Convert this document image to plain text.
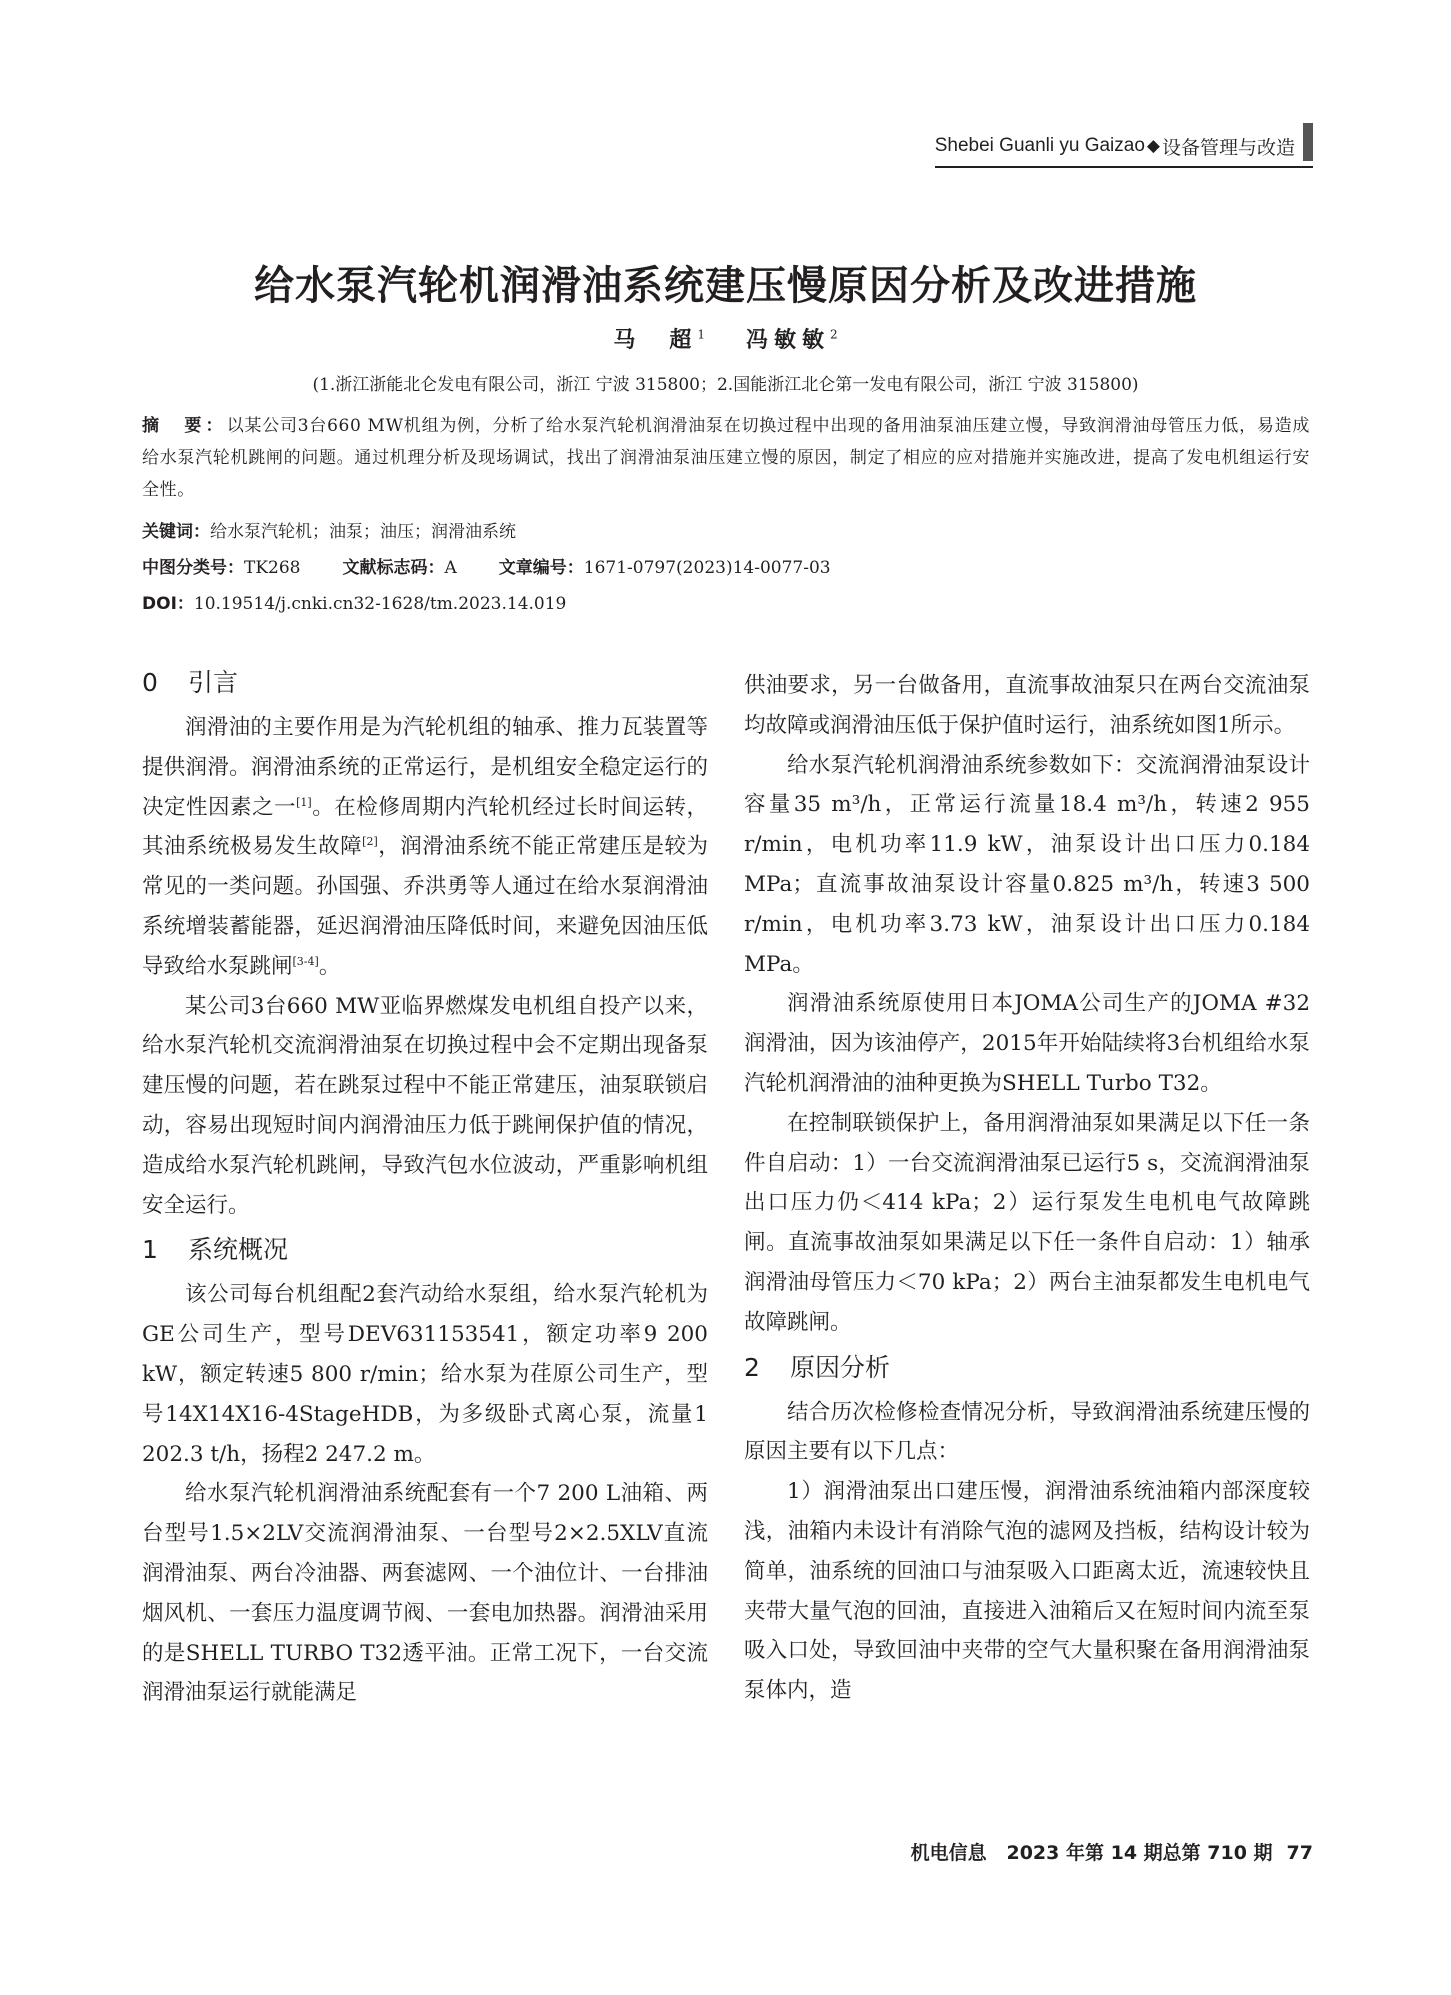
Shebei Guanli yu Gaizao ◆ 设备管理与改造
给水泵汽轮机润滑油系统建压慢原因分析及改进措施
马　超$^1$ 冯敏敏$^2$
(1.浙江浙能北仑发电有限公司，浙江 宁波 315800；2.国能浙江北仑第一发电有限公司，浙江 宁波 315800)
摘　要：以某公司3台660 MW机组为例，分析了给水泵汽轮机润滑油泵在切换过程中出现的备用油泵油压建立慢，导致润滑油母管压力低，易造成给水泵汽轮机跳闸的问题。通过机理分析及现场调试，找出了润滑油泵油压建立慢的原因，制定了相应的应对措施并实施改进，提高了发电机组运行安全性。
关键词：给水泵汽轮机；油泵；油压；润滑油系统
中图分类号：TK268 文献标志码：A 文章编号：1671-0797(2023)14-0077-03
DOI：10.19514/j.cnki.cn32-1628/tm.2023.14.019
0 引言

润滑油的主要作用是为汽轮机组的轴承、推力瓦装置等提供润滑。润滑油系统的正常运行，是机组安全稳定运行的决定性因素之一[1]。在检修周期内汽轮机经过长时间运转，其油系统极易发生故障[2]，润滑油系统不能正常建压是较为常见的一类问题。孙国强、乔洪勇等人通过在给水泵润滑油系统增装蓄能器，延迟润滑油压降低时间，来避免因油压低导致给水泵跳闸[3-4]。

某公司3台660 MW亚临界燃煤发电机组自投产以来，给水泵汽轮机交流润滑油泵在切换过程中会不定期出现备泵建压慢的问题，若在跳泵过程中不能正常建压，油泵联锁启动，容易出现短时间内润滑油压力低于跳闸保护值的情况，造成给水泵汽轮机跳闸，导致汽包水位波动，严重影响机组安全运行。

1 系统概况

该公司每台机组配2套汽动给水泵组，给水泵汽轮机为GE公司生产，型号DEV631153541，额定功率9 200 kW，额定转速5 800 r/min；给水泵为荏原公司生产，型号14X14X16-4StageHDB，为多级卧式离心泵，流量1 202.3 t/h，扬程2 247.2 m。

给水泵汽轮机润滑油系统配套有一个7 200 L油箱、两台型号1.5×2LV交流润滑油泵、一台型号2×2.5XLV直流润滑油泵、两台冷油器、两套滤网、一个油位计、一台排油烟风机、一套压力温度调节阀、一套电加热器。润滑油采用的是SHELL TURBO T32透平油。正常工况下，一台交流润滑油泵运行就能满足

供油要求，另一台做备用，直流事故油泵只在两台交流油泵均故障或润滑油压低于保护值时运行，油系统如图1所示。

给水泵汽轮机润滑油系统参数如下：交流润滑油泵设计容量35 m³/h，正常运行流量18.4 m³/h，转速2 955 r/min，电机功率11.9 kW，油泵设计出口压力0.184 MPa；直流事故油泵设计容量0.825 m³/h，转速3 500 r/min，电机功率3.73 kW，油泵设计出口压力0.184 MPa。

润滑油系统原使用日本JOMA公司生产的JOMA #32润滑油，因为该油停产，2015年开始陆续将3台机组给水泵汽轮机润滑油的油种更换为SHELL Turbo T32。

在控制联锁保护上，备用润滑油泵如果满足以下任一条件自启动：1）一台交流润滑油泵已运行5 s，交流润滑油泵出口压力仍＜414 kPa；2）运行泵发生电机电气故障跳闸。直流事故油泵如果满足以下任一条件自启动：1）轴承润滑油母管压力＜70 kPa；2）两台主油泵都发生电机电气故障跳闸。

2 原因分析

结合历次检修检查情况分析，导致润滑油系统建压慢的原因主要有以下几点：

1）润滑油泵出口建压慢，润滑油系统油箱内部深度较浅，油箱内未设计有消除气泡的滤网及挡板，结构设计较为简单，油系统的回油口与油泵吸入口距离太近，流速较快且夹带大量气泡的回油，直接进入油箱后又在短时间内流至泵吸入口处，导致回油中夹带的空气大量积聚在备用润滑油泵泵体内，造

机电信息 2023 年第 14 期总第 710 期 77
